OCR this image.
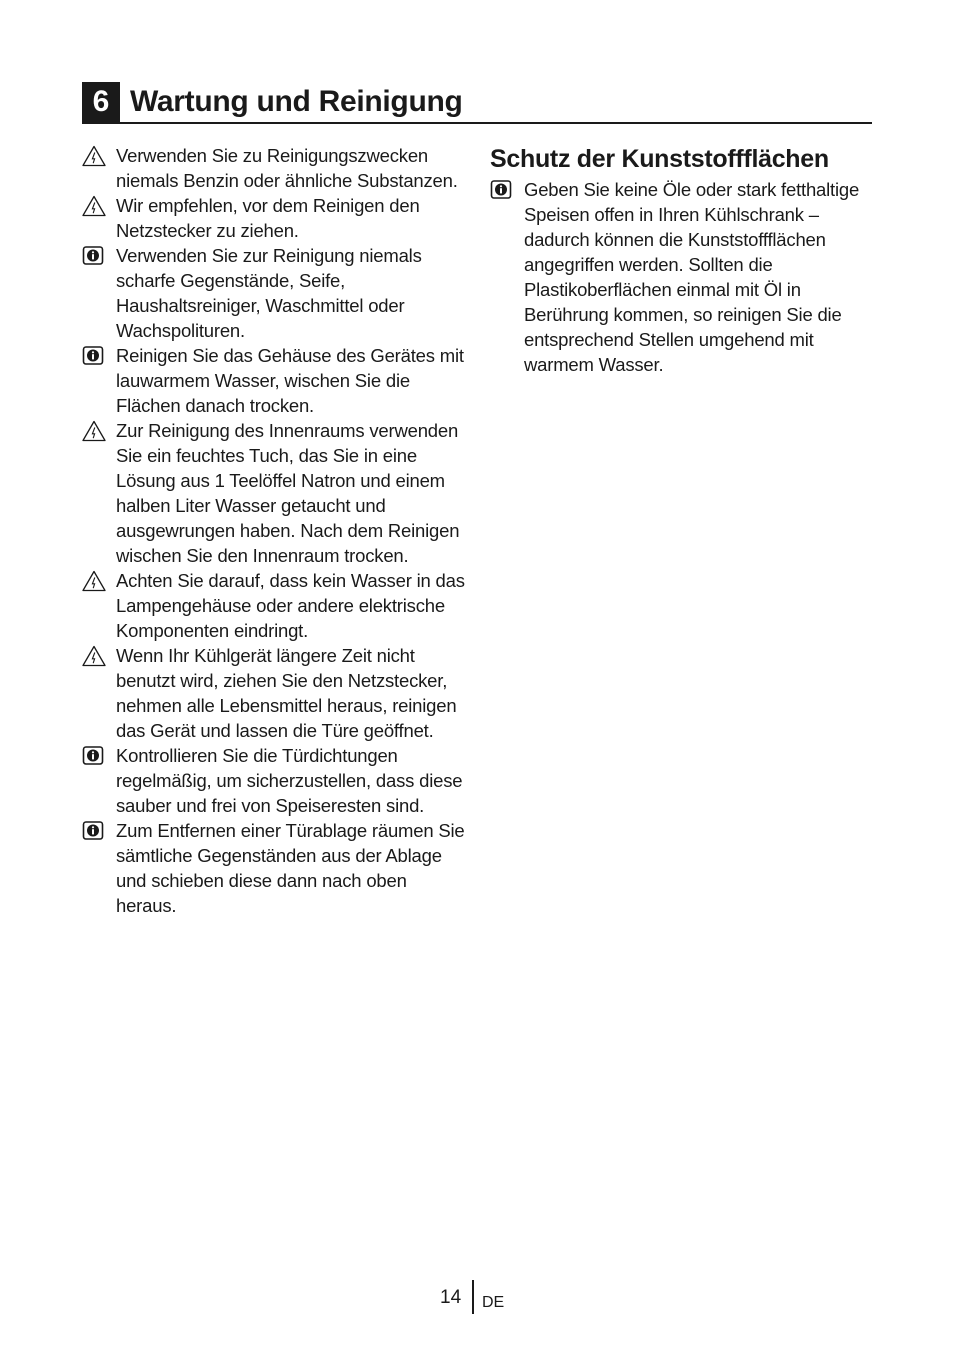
6 Wartung und Reinigung
Verwenden Sie zu Reinigungszwecken niemals Benzin oder ähnliche Substanzen.
Wir empfehlen, vor dem Reinigen den Netzstecker zu ziehen.
Verwenden Sie zur Reinigung niemals scharfe Gegenstände, Seife, Haushaltsreiniger, Waschmittel oder Wachspolituren.
Reinigen Sie das Gehäuse des Gerätes mit lauwarmem Wasser, wischen Sie die Flächen danach trocken.
Zur Reinigung des Innenraums verwenden Sie ein feuchtes Tuch, das Sie in eine Lösung aus 1 Teelöffel Natron und einem halben Liter Wasser getaucht und ausgewrungen haben. Nach dem Reinigen wischen Sie den Innenraum trocken.
Achten Sie darauf, dass kein Wasser in das Lampengehäuse oder andere elektrische Komponenten eindringt.
Wenn Ihr Kühlgerät längere Zeit nicht benutzt wird, ziehen Sie den Netzstecker, nehmen alle Lebensmittel heraus, reinigen das Gerät und lassen die Türe geöffnet.
Kontrollieren Sie die Türdichtungen regelmäßig, um sicherzustellen, dass diese sauber und frei von Speiseresten sind.
Zum Entfernen einer Türablage räumen Sie sämtliche Gegenständen aus der Ablage und schieben diese dann nach oben heraus.
Schutz der Kunststoffflächen
Geben Sie keine Öle oder stark fetthaltige Speisen offen in Ihren Kühlschrank – dadurch können die Kunststoffflächen angegriffen werden. Sollten die Plastikoberflächen einmal mit Öl in Berührung kommen, so reinigen Sie die entsprechend Stellen umgehend mit warmem Wasser.
14 DE
